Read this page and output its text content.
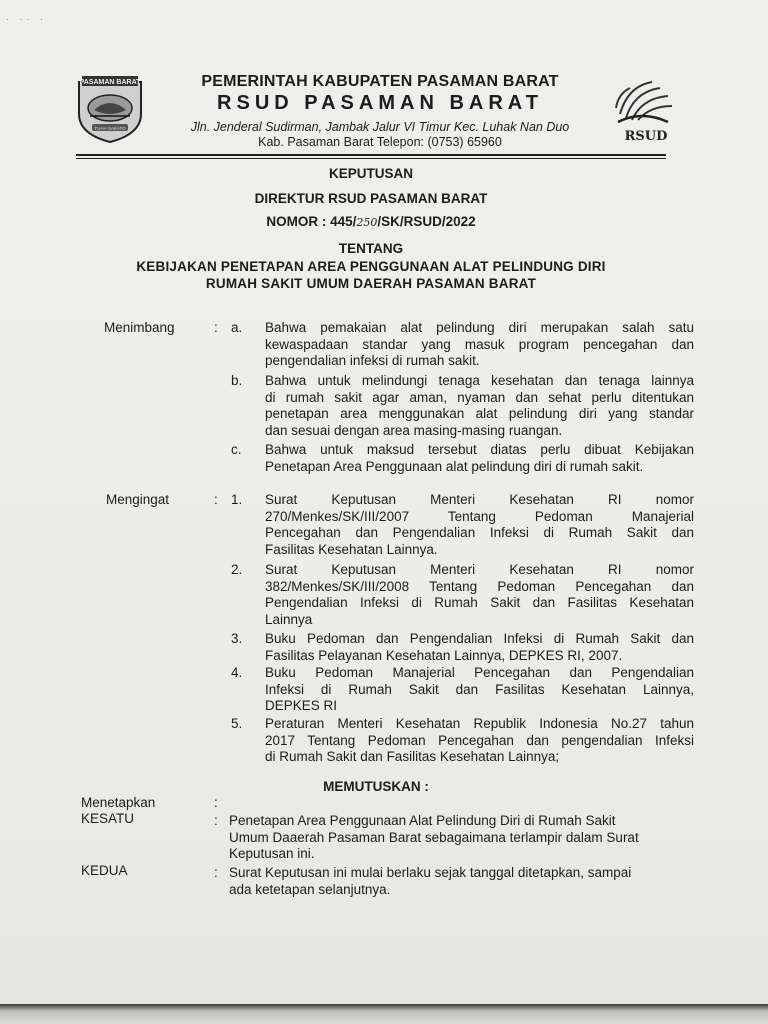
· ·· ·
PASAMAN BARAT
TUAH SAKATO
PEMERINTAH KABUPATEN PASAMAN BARAT
RSUD PASAMAN BARAT
Jln. Jenderal Sudirman, Jambak Jalur VI Timur Kec. Luhak Nan Duo
Kab. Pasaman Barat Telepon: (0753) 65960	RSUD
KEPUTUSAN
DIREKTUR RSUD PASAMAN BARAT
NOMOR : 445/250/SK/RSUD/2022
TENTANG
KEBIJAKAN PENETAPAN AREA PENGGUNAAN ALAT PELINDUNG DIRI
RUMAH SAKIT UMUM DAERAH PASAMAN BARAT
Menimbang	: a. Bahwa pemakaian alat pelindung diri merupakan salah satu
kewaspadaan standar yang masuk program pencegahan dan
pengendalian infeksi di rumah sakit.
b. Bahwa untuk melindungi tenaga kesehatan dan tenaga lainnya
di rumah sakit agar aman, nyaman dan sehat perlu ditentukan
penetapan area menggunakan alat pelindung diri yang standar
dan sesuai dengan area masing-masing ruangan.
c. Bahwa untuk maksud tersebut diatas perlu dibuat Kebijakan
Penetapan Area Penggunaan alat pelindung diri di rumah sakit.
Mengingat	: 1. Surat Keputusan Menteri Kesehatan RI nomor
270/Menkes/SK/III/2007 Tentang Pedoman Manajerial
Pencegahan dan Pengendalian Infeksi di Rumah Sakit dan
Fasilitas Kesehatan Lainnya.
2. Surat Keputusan Menteri Kesehatan RI nomor
382/Menkes/SK/III/2008 Tentang Pedoman Pencegahan dan
Pengendalian Infeksi di Rumah Sakit dan Fasilitas Kesehatan
Lainnya
3. Buku Pedoman dan Pengendalian Infeksi di Rumah Sakit dan
Fasilitas Pelayanan Kesehatan Lainnya, DEPKES RI, 2007.
4. Buku Pedoman Manajerial Pencegahan dan Pengendalian
Infeksi di Rumah Sakit dan Fasilitas Kesehatan Lainnya,
DEPKES RI
5. Peraturan Menteri Kesehatan Republik Indonesia No.27 tahun
2017 Tentang Pedoman Pencegahan dan pengendalian Infeksi
di Rumah Sakit dan Fasilitas Kesehatan Lainnya;
MEMUTUSKAN :
Menetapkan	:
KESATU	: Penetapan Area Penggunaan Alat Pelindung Diri di Rumah Sakit
Umum Daaerah Pasaman Barat sebagaimana terlampir dalam Surat
Keputusan ini.
KEDUA	: Surat Keputusan ini mulai berlaku sejak tanggal ditetapkan, sampai
ada ketetapan selanjutnya.
